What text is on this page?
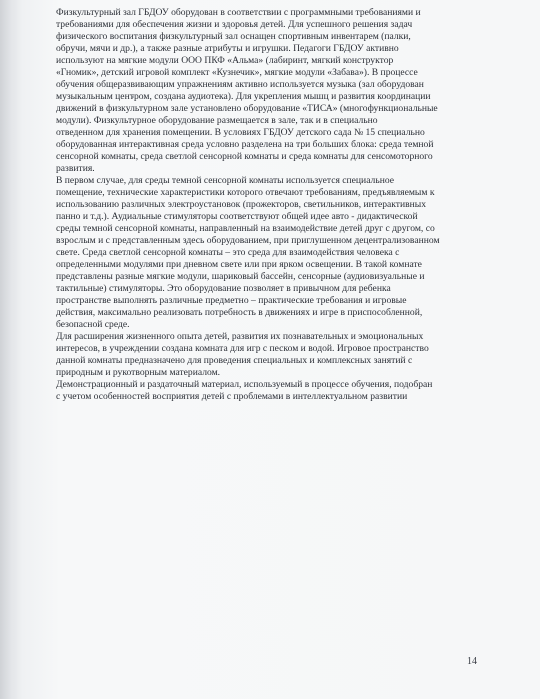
Физкультурный зал ГБДОУ оборудован в соответствии с программными требованиями и
требованиями для обеспечения жизни и здоровья детей. Для успешного решения задач
физического воспитания физкультурный зал оснащен спортивным инвентарем (палки,
обручи, мячи и др.), а также разные атрибуты и игрушки. Педагоги ГБДОУ активно
используют на мягкие модули ООО ПКФ «Альма» (лабиринт, мягкий конструктор
«Гномик», детский игровой комплект «Кузнечик», мягкие модули «Забава»). В процессе
обучения общеразвивающим упражнениям активно используется музыка (зал оборудован
музыкальным центром, создана аудиотека). Для укрепления мышц и развития координации
движений в физкультурном зале установлено оборудование «ТИСА» (многофункциональные
модули). Физкультурное оборудование размещается в зале, так и в специально
отведенном для хранения помещении. В условиях ГБДОУ детского сада № 15 специально
оборудованная интерактивная среда условно разделена на три больших блока: среда темной
сенсорной комнаты, среда светлой сенсорной комнаты и среда комнаты для сенсомоторного
развития.

В первом случае, для среды темной сенсорной комнаты используется специальное
помещение, технические характеристики которого отвечают требованиям, предъявляемым к
использованию различных электроустановок (прожекторов, светильников, интерактивных
панно и т.д.). Аудиальные стимуляторы соответствуют общей идее авто - дидактической
среды темной сенсорной комнаты, направленный на взаимодействие детей друг с другом, со
взрослым и с представленным здесь оборудованием, при приглушенном децентрализованном
свете. Среда светлой сенсорной комнаты – это среда для взаимодействия человека с
определенными модулями при дневном свете или при ярком освещении. В такой комнате
представлены разные мягкие модули, шариковый бассейн, сенсорные (аудиовизуальные и
тактильные) стимуляторы. Это оборудование позволяет в привычном для ребенка
пространстве выполнять различные предметно – практические требования и игровые
действия, максимально реализовать потребность в движениях и игре в приспособленной,
безопасной среде.

Для расширения жизненного опыта детей, развития их познавательных и эмоциональных
интересов, в учреждении создана комната для игр с песком и водой. Игровое пространство
данной комнаты предназначено для проведения специальных и комплексных занятий с
природным и рукотворным материалом.

Демонстрационный и раздаточный материал, используемый в процессе обучения, подобран
с учетом особенностей восприятия детей с проблемами в интеллектуальном развитии

14
